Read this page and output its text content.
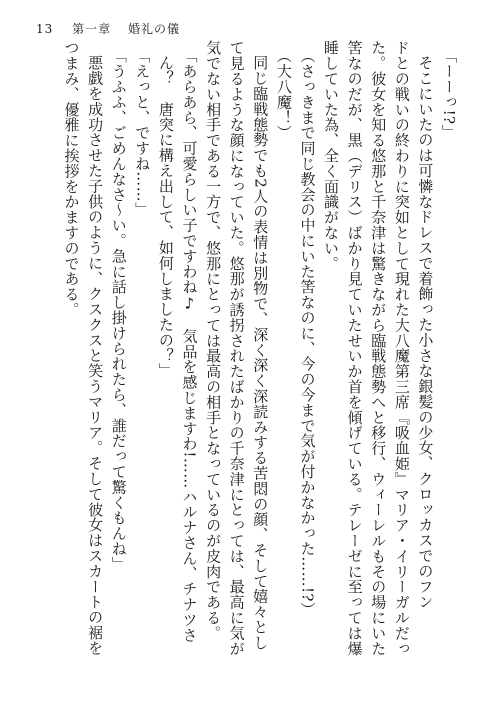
13 第一章 婚礼の儀

「ーーっ!?」

そこにいたのは可憐なドレスで着飾った小さな銀髪の少女、クロッカスでのフン

ドとの戦いの終わりに突如として現れた大八魔第三席『吸血姫』マリア・イリーガルだっ

た。彼女を知る悠那と千奈津は驚きながら臨戦態勢へと移行、ウィーレルもその場にいた

筈なのだが、黒（デリス）ばかり見ていたせいか首を傾げている。テレーゼに至っては爆

睡していた為、全く面識がない。

（さっきまで同じ教会の中にいた筈なのに、今の今まで気が付かなかった……!?）

（大八魔！）

同じ臨戦態勢でも2人の表情は別物で、深く深く深読みする苦悶の顔、そして嬉々とし

て見るような顔になっていた。悠那が誘拐されたばかりの千奈津にとっては、最高に気が

気でない相手である一方で、悠那にとっては最高の相手となっているのが皮肉である。

「あらあら、可愛らしい子ですわね♪　気品を感じますわ!……ハルナさん、チナツさ

ん？　唐突に構え出して、如何しましたの？」

「えっと、ですね……」

「うふふ、ごめんなさ〜い。急に話し掛けられたら、誰だって驚くもんね」

悪戯を成功させた子供のように、クスクスと笑うマリア。そして彼女はスカートの裾を

つまみ、優雅に挨拶をかますのである。
